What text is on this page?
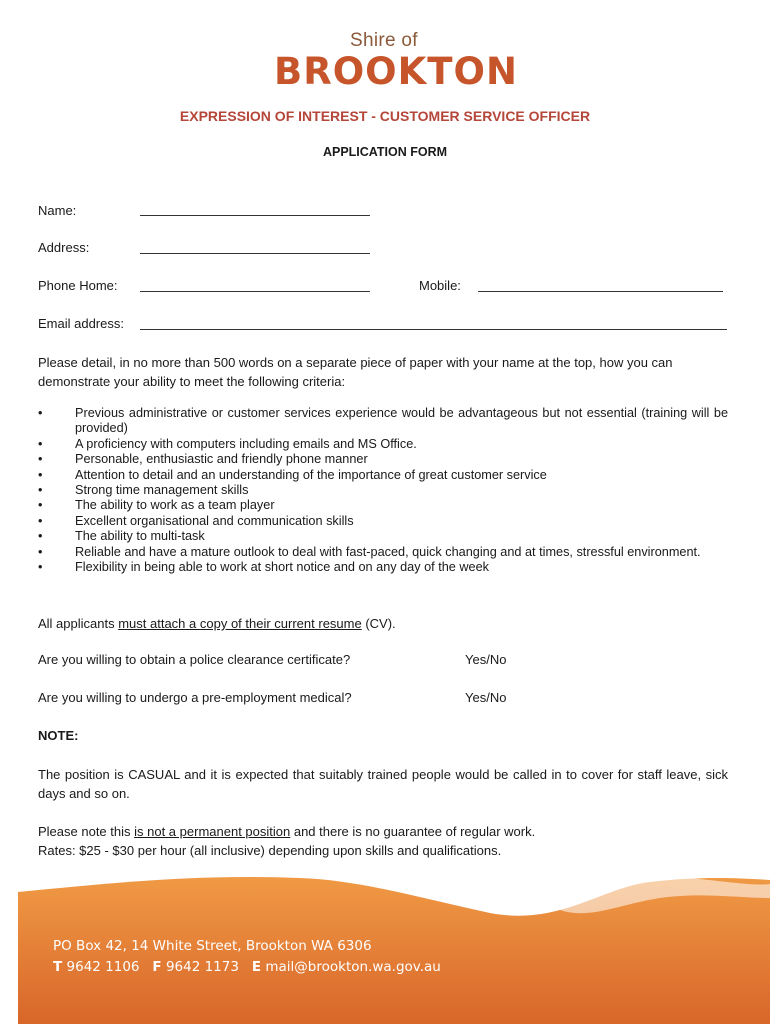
Shire of
BROOKTON
EXPRESSION OF INTEREST - CUSTOMER SERVICE OFFICER
APPLICATION FORM
Name:
Address:
Phone Home:	Mobile:
Email address:
Please detail, in no more than 500 words on a separate piece of paper with your name at the top, how you can demonstrate your ability to meet the following criteria:
•	Previous administrative or customer services experience would be advantageous but not essential (training will be provided)
•	A proficiency with computers including emails and MS Office.
•	Personable, enthusiastic and friendly phone manner
•	Attention to detail and an understanding of the importance of great customer service
•	Strong time management skills
•	The ability to work as a team player
•	Excellent organisational and communication skills
•	The ability to multi-task
•	Reliable and have a mature outlook to deal with fast-paced, quick changing and at times, stressful environment.
•	Flexibility in being able to work at short notice and on any day of the week
All applicants must attach a copy of their current resume (CV).
Are you willing to obtain a police clearance certificate?	Yes/No
Are you willing to undergo a pre-employment medical?	Yes/No
NOTE:
The position is CASUAL and it is expected that suitably trained people would be called in to cover for staff leave, sick days and so on.
Please note this is not a permanent position and there is no guarantee of regular work.
Rates: $25 - $30 per hour (all inclusive) depending upon skills and qualifications.
PO Box 42, 14 White Street, Brookton WA 6306
T 9642 1106 F 9642 1173 E mail@brookton.wa.gov.au
